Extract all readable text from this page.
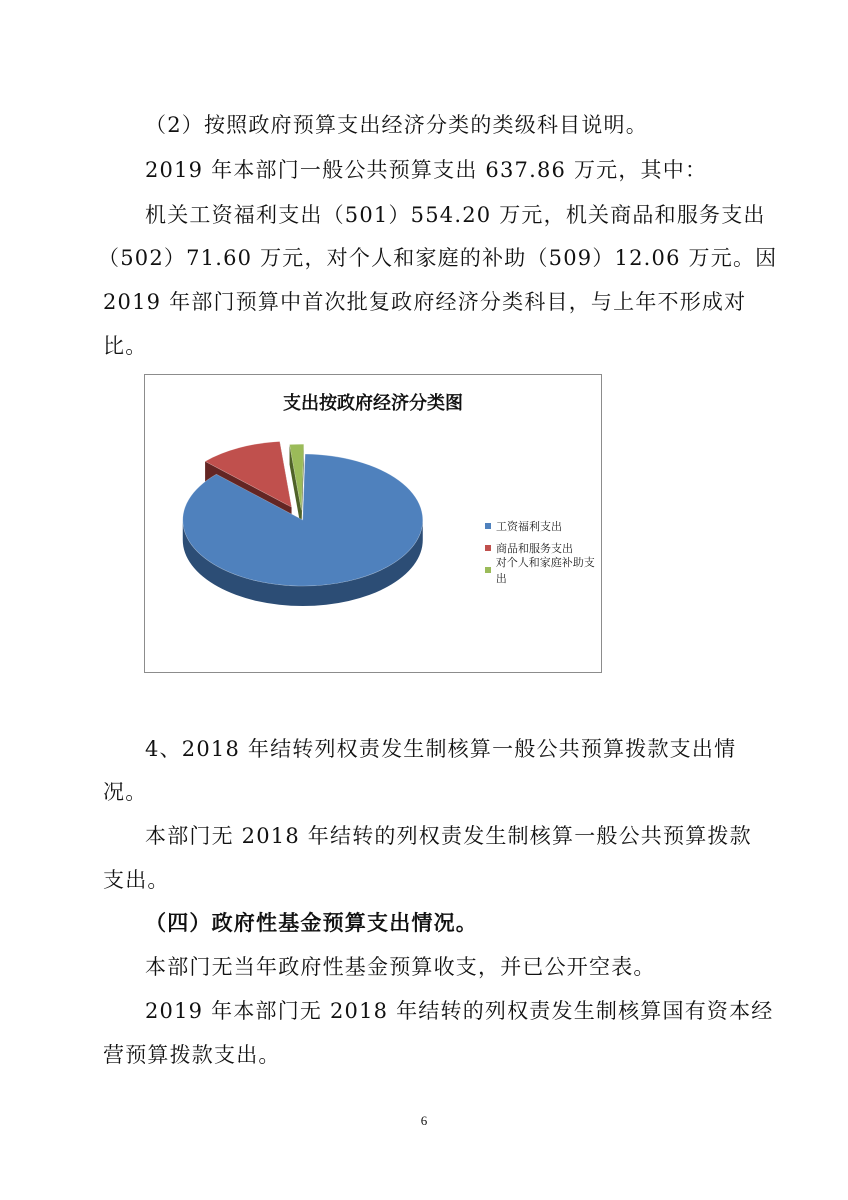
（2）按照政府预算支出经济分类的类级科目说明。

2019 年本部门一般公共预算支出 637.86 万元，其中：

机关工资福利支出（501）554.20 万元，机关商品和服务支出

（502）71.60 万元，对个人和家庭的补助（509）12.06 万元。因

2019 年部门预算中首次批复政府经济分类科目，与上年不形成对

比。

支出按政府经济分类图
工资福利支出
商品和服务支出
对个人和家庭补助支出

4、2018 年结转列权责发生制核算一般公共预算拨款支出情

况。

本部门无 2018 年结转的列权责发生制核算一般公共预算拨款

支出。

（四）政府性基金预算支出情况。

本部门无当年政府性基金预算收支，并已公开空表。

2019 年本部门无 2018 年结转的列权责发生制核算国有资本经

营预算拨款支出。

6
